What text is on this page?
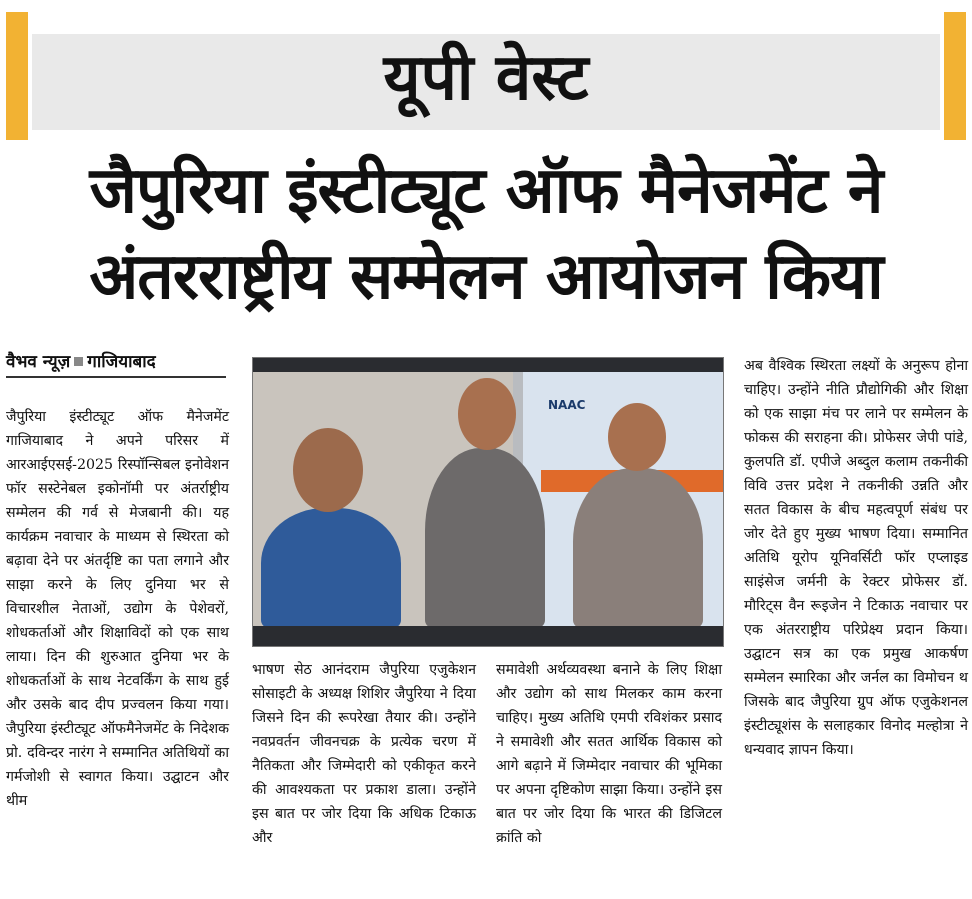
यूपी वेस्ट
जैपुरिया इंस्टीट्यूट ऑफ मैनेजमेंट ने
अंतरराष्ट्रीय सम्मेलन आयोजन किया
वैभव न्यूज़ गाजियाबाद
जैपुरिया इंस्टीट्यूट ऑफ मैनेजमेंट गाजियाबाद ने अपने परिसर में आरआईएसई-2025 रिस्पॉन्सिबल इनोवेशन फॉर सस्टेनेबल इकोनॉमी पर अंतर्राष्ट्रीय सम्मेलन की गर्व से मेजबानी की। यह कार्यक्रम नवाचार के माध्यम से स्थिरता को बढ़ावा देने पर अंतर्दृष्टि का पता लगाने और साझा करने के लिए दुनिया भर से विचारशील नेताओं, उद्योग के पेशेवरों, शोधकर्ताओं और शिक्षाविदों को एक साथ लाया। दिन की शुरुआत दुनिया भर के शोधकर्ताओं के साथ नेटवर्किंग के साथ हुई और उसके बाद दीप प्रज्वलन किया गया। जैपुरिया इंस्टीट्यूट ऑफमैनेजमेंट के निदेशक प्रो. दविन्दर नारंग ने सम्मानित अतिथियों का गर्मजोशी से स्वागत किया। उद्घाटन और थीम
NAAC
भाषण सेठ आनंदराम जैपुरिया एजुकेशन सोसाइटी के अध्यक्ष शिशिर जैपुरिया ने दिया जिसने दिन की रूपरेखा तैयार की। उन्होंने नवप्रवर्तन जीवनचक्र के प्रत्येक चरण में नैतिकता और जिम्मेदारी को एकीकृत करने की आवश्यकता पर प्रकाश डाला। उन्होंने इस बात पर जोर दिया कि अधिक टिकाऊ और
समावेशी अर्थव्यवस्था बनाने के लिए शिक्षा और उद्योग को साथ मिलकर काम करना चाहिए। मुख्य अतिथि एमपी रविशंकर प्रसाद ने समावेशी और सतत आर्थिक विकास को आगे बढ़ाने में जिम्मेदार नवाचार की भूमिका पर अपना दृष्टिकोण साझा किया। उन्होंने इस बात पर जोर दिया कि भारत की डिजिटल क्रांति को
अब वैश्विक स्थिरता लक्ष्यों के अनुरूप होना चाहिए। उन्होंने नीति प्रौद्योगिकी और शिक्षा को एक साझा मंच पर लाने पर सम्मेलन के फोकस की सराहना की। प्रोफेसर जेपी पांडे, कुलपति डॉ. एपीजे अब्दुल कलाम तकनीकी विवि उत्तर प्रदेश ने तकनीकी उन्नति और सतत विकास के बीच महत्वपूर्ण संबंध पर जोर देते हुए मुख्य भाषण दिया। सम्मानित अतिथि यूरोप यूनिवर्सिटी फॉर एप्लाइड साइंसेज जर्मनी के रेक्टर प्रोफेसर डॉ. मौरिट्स वैन रूइजेन ने टिकाऊ नवाचार पर एक अंतरराष्ट्रीय परिप्रेक्ष्य प्रदान किया। उद्घाटन सत्र का एक प्रमुख आकर्षण सम्मेलन स्मारिका और जर्नल का विमोचन थ जिसके बाद जैपुरिया ग्रुप ऑफ एजुकेशनल इंस्टीट्यूशंस के सलाहकार विनोद मल्होत्रा ने धन्यवाद ज्ञापन किया।
